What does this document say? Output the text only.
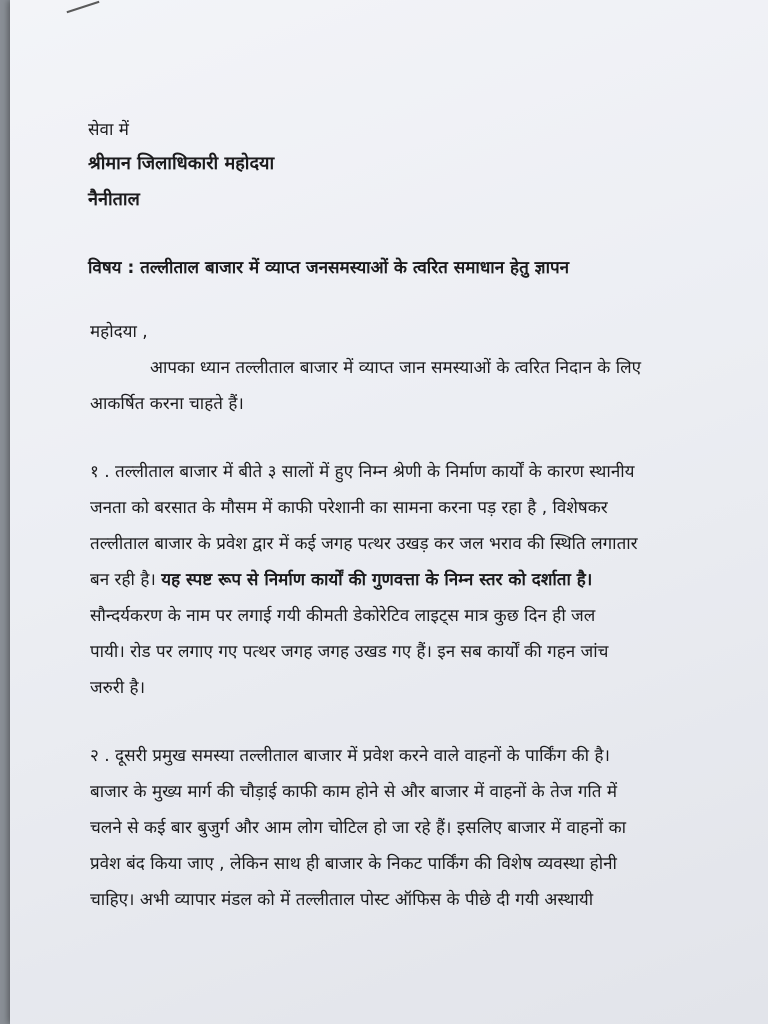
सेवा में
श्रीमान जिलाधिकारी महोदया
नैनीताल
विषय : तल्लीताल बाजार में व्याप्त जनसमस्याओं के त्वरित समाधान हेतु ज्ञापन
महोदया ,
आपका ध्यान तल्लीताल बाजार में व्याप्त जान समस्याओं के त्वरित निदान के लिए
आकर्षित करना चाहते हैं।
१ . तल्लीताल बाजार में बीते ३ सालों में हुए निम्न श्रेणी के निर्माण कार्यों के कारण स्थानीय
जनता को बरसात के मौसम में काफी परेशानी का सामना करना पड़ रहा है , विशेषकर
तल्लीताल बाजार के प्रवेश द्वार में कई जगह पत्थर उखड़ कर जल भराव की स्थिति लगातार
बन रही है। यह स्पष्ट रूप से निर्माण कार्यों की गुणवत्ता के निम्न स्तर को दर्शाता है।
सौन्दर्यकरण के नाम पर लगाई गयी कीमती डेकोरेटिव लाइट्स मात्र कुछ दिन ही जल
पायी। रोड पर लगाए गए पत्थर जगह जगह उखड गए हैं। इन सब कार्यों की गहन जांच
जरुरी है।
२ . दूसरी प्रमुख समस्या तल्लीताल बाजार में प्रवेश करने वाले वाहनों के पार्किंग की है।
बाजार के मुख्य मार्ग की चौड़ाई काफी काम होने से और बाजार में वाहनों के तेज गति में
चलने से कई बार बुजुर्ग और आम लोग चोटिल हो जा रहे हैं। इसलिए बाजार में वाहनों का
प्रवेश बंद किया जाए , लेकिन साथ ही बाजार के निकट पार्किंग की विशेष व्यवस्था होनी
चाहिए। अभी व्यापार मंडल को में तल्लीताल पोस्ट ऑफिस के पीछे दी गयी अस्थायी
